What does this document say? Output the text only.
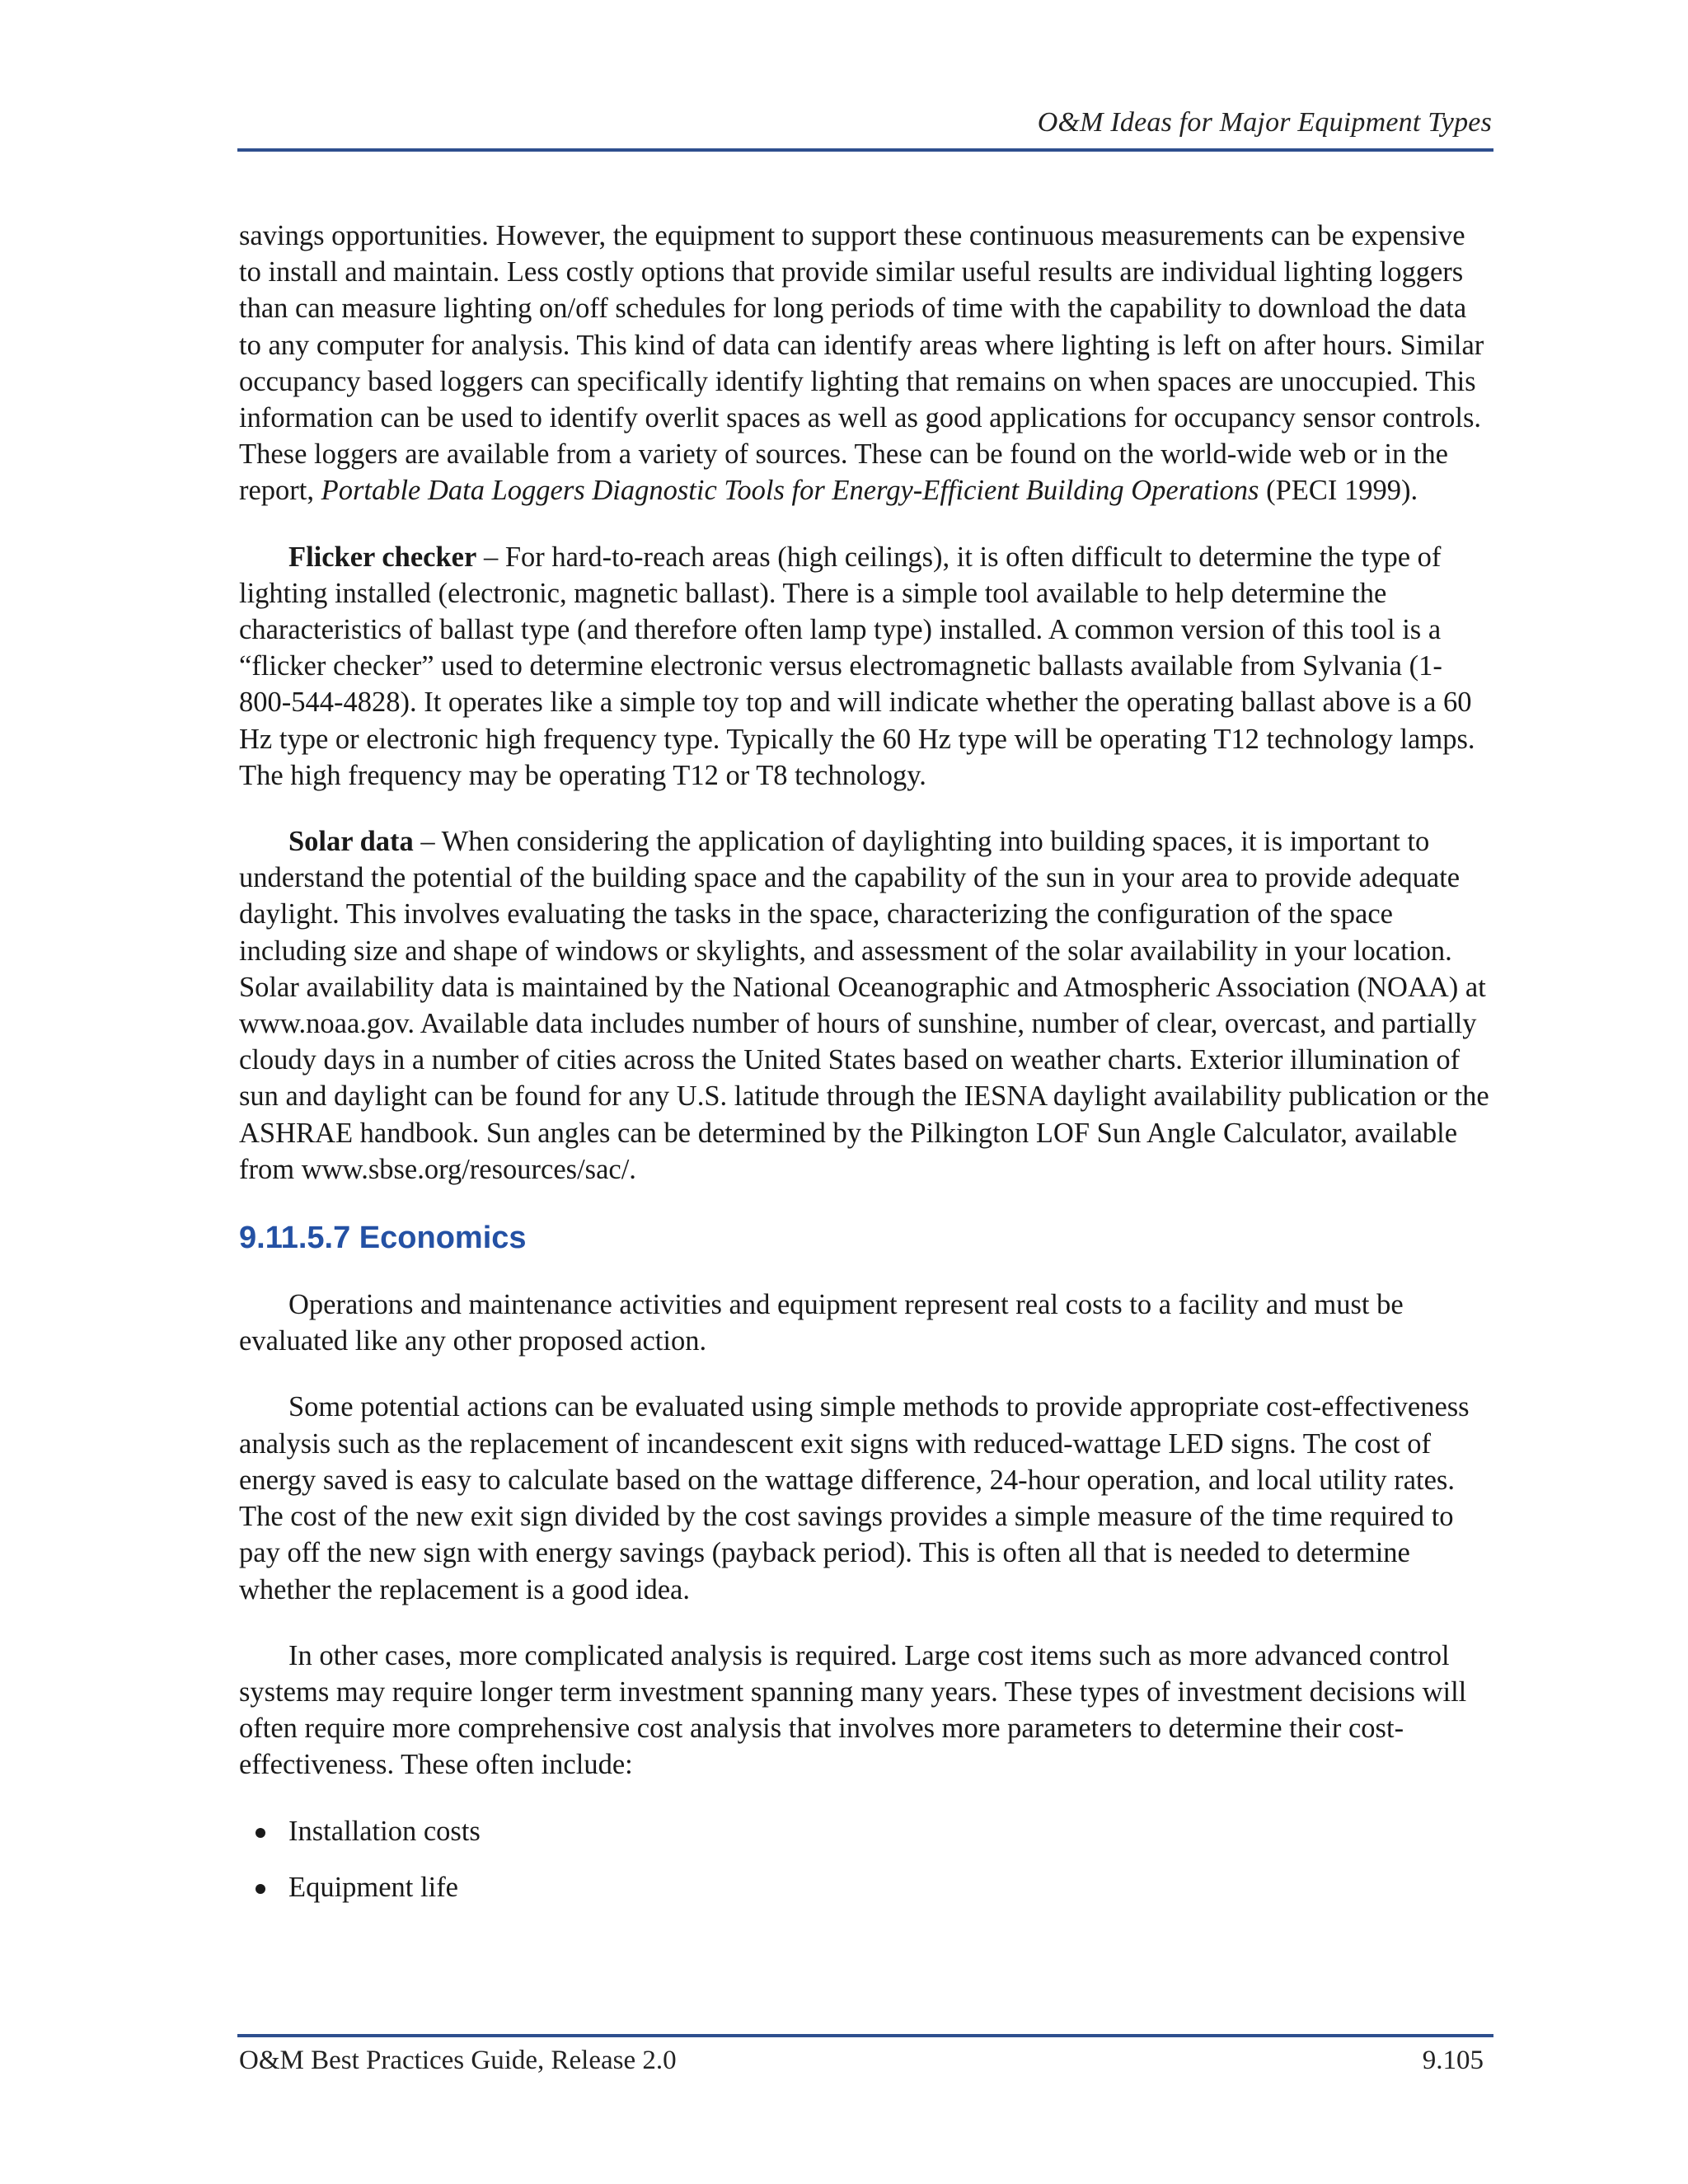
O&M Ideas for Major Equipment Types

savings opportunities. However, the equipment to support these continuous measurements can be expensive to install and maintain. Less costly options that provide similar useful results are individual lighting loggers than can measure lighting on/off schedules for long periods of time with the capability to download the data to any computer for analysis. This kind of data can identify areas where lighting is left on after hours. Similar occupancy based loggers can specifically identify lighting that remains on when spaces are unoccupied. This information can be used to identify overlit spaces as well as good applications for occupancy sensor controls. These loggers are available from a variety of sources. These can be found on the world-wide web or in the report, Portable Data Loggers Diagnostic Tools for Energy-Efficient Building Operations (PECI 1999).

Flicker checker – For hard-to-reach areas (high ceilings), it is often difficult to determine the type of lighting installed (electronic, magnetic ballast). There is a simple tool available to help determine the characteristics of ballast type (and therefore often lamp type) installed. A common version of this tool is a “flicker checker” used to determine electronic versus electromagnetic ballasts available from Sylvania (1-800-544-4828). It operates like a simple toy top and will indicate whether the operating ballast above is a 60 Hz type or electronic high frequency type. Typically the 60 Hz type will be operating T12 technology lamps. The high frequency may be operating T12 or T8 technology.

Solar data – When considering the application of daylighting into building spaces, it is important to understand the potential of the building space and the capability of the sun in your area to provide adequate daylight. This involves evaluating the tasks in the space, characterizing the configuration of the space including size and shape of windows or skylights, and assessment of the solar availability in your location. Solar availability data is maintained by the National Oceanographic and Atmospheric Association (NOAA) at www.noaa.gov. Available data includes number of hours of sunshine, number of clear, overcast, and partially cloudy days in a number of cities across the United States based on weather charts. Exterior illumination of sun and daylight can be found for any U.S. latitude through the IESNA daylight availability publication or the ASHRAE handbook. Sun angles can be determined by the Pilkington LOF Sun Angle Calculator, available from www.sbse.org/resources/sac/.

9.11.5.7 Economics

Operations and maintenance activities and equipment represent real costs to a facility and must be evaluated like any other proposed action.

Some potential actions can be evaluated using simple methods to provide appropriate cost-effectiveness analysis such as the replacement of incandescent exit signs with reduced-wattage LED signs. The cost of energy saved is easy to calculate based on the wattage difference, 24-hour operation, and local utility rates. The cost of the new exit sign divided by the cost savings provides a simple measure of the time required to pay off the new sign with energy savings (payback period). This is often all that is needed to determine whether the replacement is a good idea.

In other cases, more complicated analysis is required. Large cost items such as more advanced control systems may require longer term investment spanning many years. These types of investment decisions will often require more comprehensive cost analysis that involves more parameters to determine their cost-effectiveness. These often include:

Installation costs
Equipment life
O&M Best Practices Guide, Release 2.0	9.105
